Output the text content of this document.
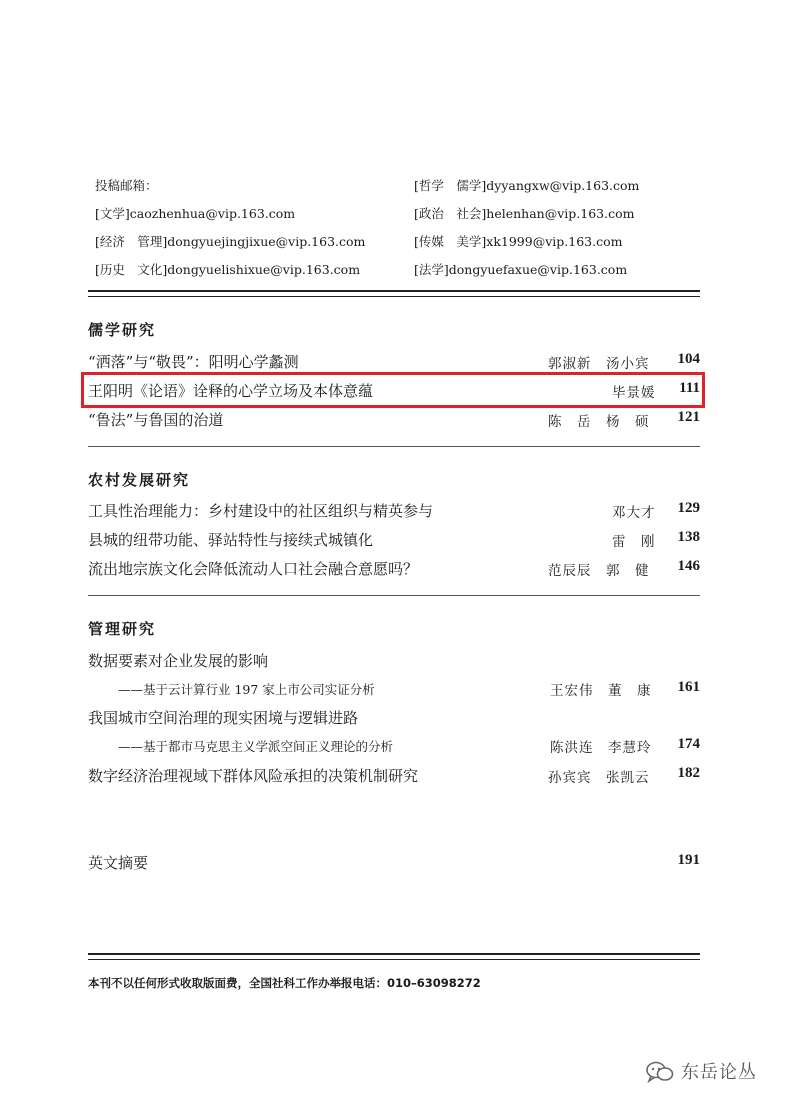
投稿邮箱：	[哲学　儒学]dyyangxw@vip.163.com
[文学]caozhenhua@vip.163.com	[政治　社会]helenhan@vip.163.com
[经济　管理]dongyuejingjixue@vip.163.com	[传媒　美学]xk1999@vip.163.com
[历史　文化]dongyuelishixue@vip.163.com	[法学]dongyuefaxue@vip.163.com
儒学研究
“洒落”与“敬畏”：阳明心学蠡测	郭淑新　汤小宾	104
王阳明《论语》诠释的心学立场及本体意蕴	毕景媛	111
“鲁法”与鲁国的治道	陈　岳　杨　硕	121
农村发展研究
工具性治理能力：乡村建设中的社区组织与精英参与	邓大才	129
县城的纽带功能、驿站特性与接续式城镇化	雷　刚	138
流出地宗族文化会降低流动人口社会融合意愿吗？	范辰辰　郭　健	146
管理研究
数据要素对企业发展的影响
——基于云计算行业 197 家上市公司实证分析	王宏伟　董　康	161
我国城市空间治理的现实困境与逻辑进路
——基于都市马克思主义学派空间正义理论的分析	陈洪连　李慧玲	174
数字经济治理视域下群体风险承担的决策机制研究	孙宾宾　张凯云	182
英文摘要	191
本刊不以任何形式收取版面费，全国社科工作办举报电话：010–63098272
东岳论丛
